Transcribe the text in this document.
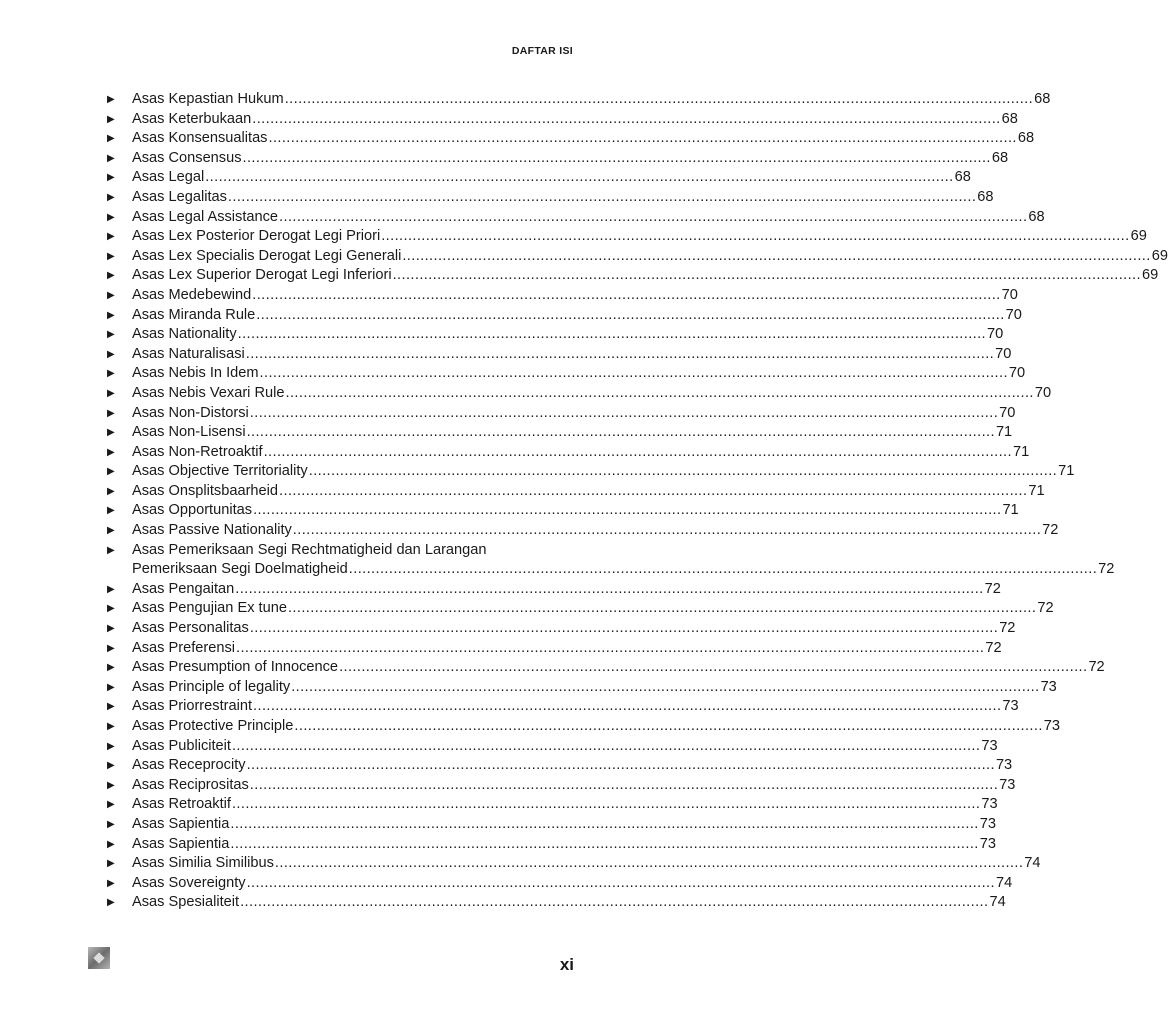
DAFTAR ISI
▶	Asas Kepastian Hukum .....	68
▶	Asas Keterbukaan .....	68
▶	Asas Konsensualitas .....	68
▶	Asas Consensus .....	68
▶	Asas Legal .....	68
▶	Asas Legalitas .....	68
▶	Asas Legal Assistance .....	68
▶	Asas Lex Posterior Derogat Legi Priori .....	69
▶	Asas Lex Specialis Derogat Legi Generali .....	69
▶	Asas Lex Superior Derogat Legi Inferiori .....	69
▶	Asas Medebewind .....	70
▶	Asas Miranda Rule .....	70
▶	Asas Nationality .....	70
▶	Asas Naturalisasi .....	70
▶	Asas Nebis In Idem .....	70
▶	Asas Nebis Vexari Rule .....	70
▶	Asas Non-Distorsi .....	70
▶	Asas Non-Lisensi .....	71
▶	Asas Non-Retroaktif .....	71
▶	Asas Objective Territoriality .....	71
▶	Asas Onsplitsbaarheid .....	71
▶	Asas Opportunitas .....	71
▶	Asas Passive Nationality .....	72
▶	Asas Pemeriksaan Segi Rechtmatigheid dan Larangan
Pemeriksaan Segi Doelmatigheid .....	72
▶	Asas Pengaitan .....	72
▶	Asas Pengujian Ex tune .....	72
▶	Asas Personalitas .....	72
▶	Asas Preferensi .....	72
▶	Asas Presumption of Innocence .....	72
▶	Asas Principle of legality .....	73
▶	Asas Priorrestraint .....	73
▶	Asas Protective Principle .....	73
▶	Asas Publiciteit .....	73
▶	Asas Receprocity .....	73
▶	Asas Reciprositas .....	73
▶	Asas Retroaktif .....	73
▶	Asas Sapientia .....	73
▶	Asas Sapientia .....	73
▶	Asas Similia Similibus .....	74
▶	Asas Sovereignty .....	74
▶	Asas Spesialiteit .....	74
xi
